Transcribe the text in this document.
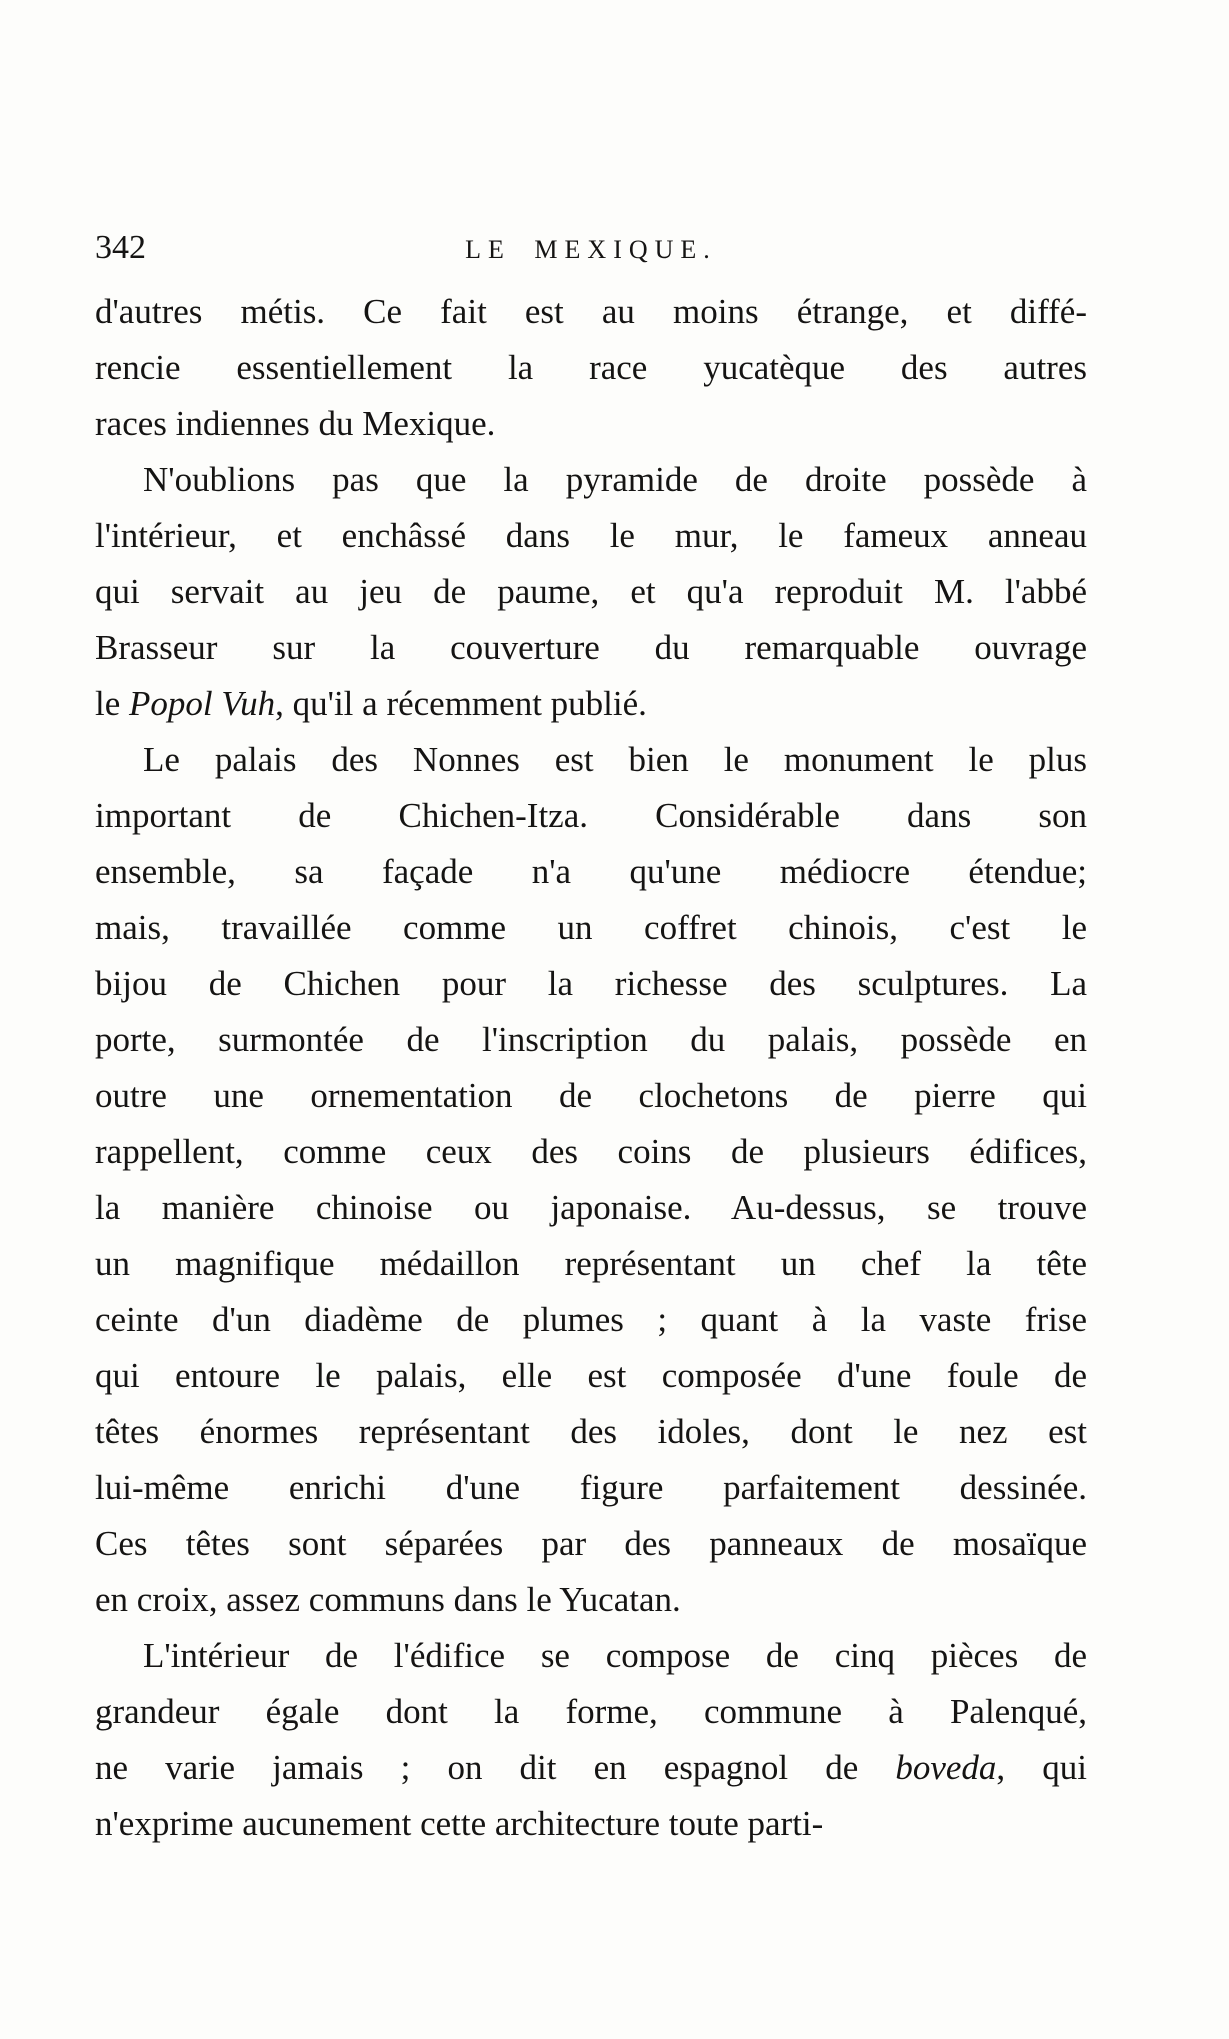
342	LE MEXIQUE.
d'autres métis. Ce fait est au moins étrange, et diffé-
rencie essentiellement la race yucatèque des autres
races indiennes du Mexique.
N'oublions pas que la pyramide de droite possède à
l'intérieur, et enchâssé dans le mur, le fameux anneau
qui servait au jeu de paume, et qu'a reproduit M. l'abbé
Brasseur sur la couverture du remarquable ouvrage
le Popol Vuh, qu'il a récemment publié.
Le palais des Nonnes est bien le monument le plus
important de Chichen-Itza. Considérable dans son
ensemble, sa façade n'a qu'une médiocre étendue;
mais, travaillée comme un coffret chinois, c'est le
bijou de Chichen pour la richesse des sculptures. La
porte, surmontée de l'inscription du palais, possède en
outre une ornementation de clochetons de pierre qui
rappellent, comme ceux des coins de plusieurs édifices,
la manière chinoise ou japonaise. Au-dessus, se trouve
un magnifique médaillon représentant un chef la tête
ceinte d'un diadème de plumes ; quant à la vaste frise
qui entoure le palais, elle est composée d'une foule de
têtes énormes représentant des idoles, dont le nez est
lui-même enrichi d'une figure parfaitement dessinée.
Ces têtes sont séparées par des panneaux de mosaïque
en croix, assez communs dans le Yucatan.
L'intérieur de l'édifice se compose de cinq pièces de
grandeur égale dont la forme, commune à Palenqué,
ne varie jamais ; on dit en espagnol de boveda, qui
n'exprime aucunement cette architecture toute parti-
